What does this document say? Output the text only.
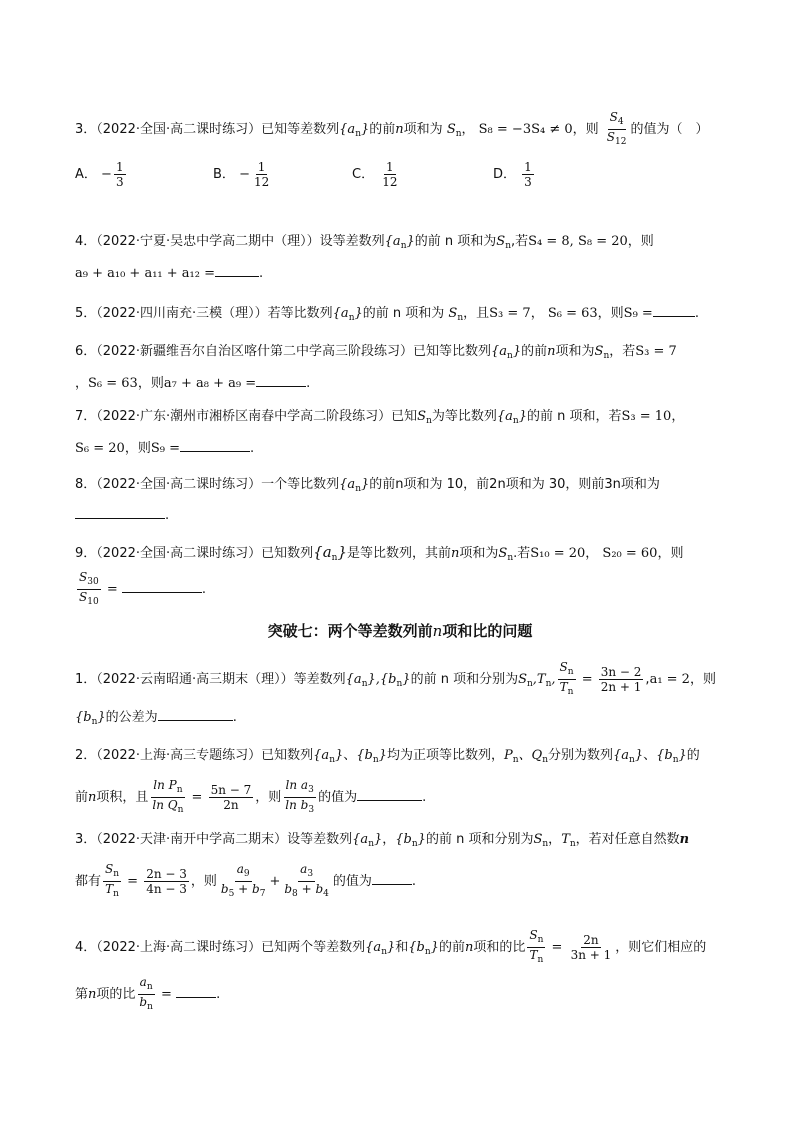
3．（2022·全国·高二课时练习）已知等差数列$\{a_n\}$的前n项和为 $S_n$， S₈ = −3S₄ ≠ 0，则 $\frac{S_4}{S_{12}}$ 的值为（　）
A． − $\frac{1}{3}$	B． − $\frac{1}{12}$	C． $\frac{1}{12}$	D． $\frac{1}{3}$
4．（2022·宁夏·吴忠中学高二期中（理））设等差数列$\{a_n\}$的前 n 项和为$S_n$,若S₄ = 8, S₈ = 20，则
a₉ + a₁₀ + a₁₁ + a₁₂ =	.
5．（2022·四川南充·三模（理））若等比数列$\{a_n\}$的前 n 项和为 $S_n$，且S₃ = 7， S₆ = 63，则S₉ =	.
6．（2022·新疆维吾尔自治区喀什第二中学高三阶段练习）已知等比数列$\{a_n\}$的前n项和为$S_n$，若S₃ = 7
，S₆ = 63，则a₇ + a₈ + a₉ =	.
7．（2022·广东·潮州市湘桥区南春中学高二阶段练习）已知$S_n$为等比数列$\{a_n\}$的前 n 项和，若S₃ = 10，
S₆ = 20，则S₉ =	.
8．（2022·全国·高二课时练习）一个等比数列$\{a_n\}$的前n项和为 10，前2n项和为 30，则前3n项和为
.
9．（2022·全国·高二课时练习）已知数列$\{a_n\}$是等比数列，其前n项和为$S_n$.若S₁₀ = 20， S₂₀ = 60，则
$\frac{S_{30}}{S_{10}}$ =	.
突破七：两个等差数列前n项和比的问题
1．（2022·云南昭通·高三期末（理））等差数列$\{a_n\},\{b_n\}$的前 n 项和分别为$S_n,T_n$, $\frac{S_n}{T_n} = \frac{3n - 2}{2n + 1} ,a_1 = 2$，则
$\{b_n\}$的公差为	.
2．（2022·上海·高三专题练习）已知数列$\{a_n\}$、$\{b_n\}$均为正项等比数列，$P_n$、$Q_n$分别为数列$\{a_n\}$、$\{b_n\}$的
前n项积，且 $\frac{\ln P_n}{\ln Q_n} = \frac{5n - 7}{2n}$ ，则 $\frac{\ln a_3}{\ln b_3}$ 的值为	.
3．（2022·天津·南开中学高二期末）设等差数列$\{a_n\}$，$\{b_n\}$的前 n 项和分别为$S_n$，$T_n$，若对任意自然数n
都有 $\frac{S_n}{T_n} = \frac{2n - 3}{4n - 3}$ ，则 $\frac{a_9}{b_5 + b_7} + \frac{a_3}{b_8 + b_4}$ 的值为	.
4．（2022·上海·高二课时练习）已知两个等差数列$\{a_n\}$和$\{b_n\}$的前n项和的比 $\frac{S_n}{T_n} = \frac{2n}{3n + 1}$ ，则它们相应的
第n项的比 $\frac{a_n}{b_n}$ =	.
